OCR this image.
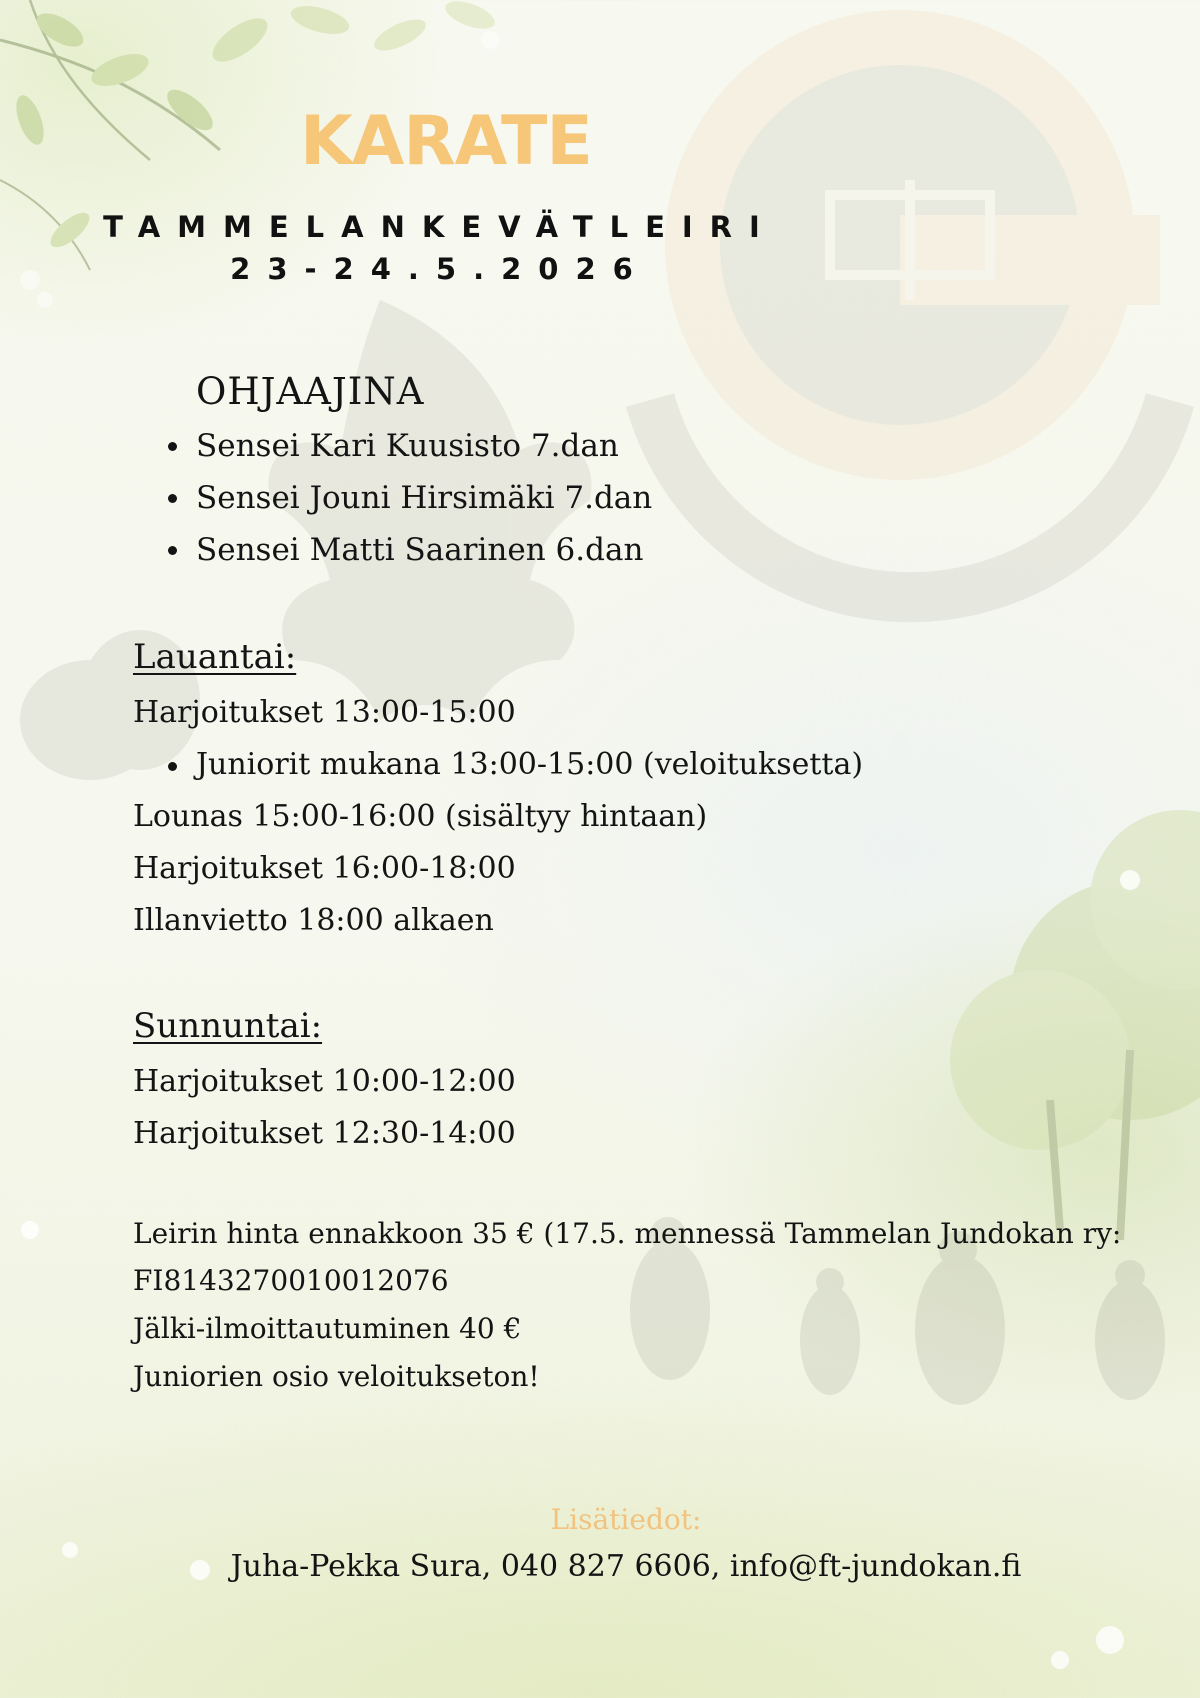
KARATE
TAMMELANKEVÄTLEIRI
23-24.5.2026
OHJAAJINA
Sensei Kari Kuusisto 7.dan
Sensei Jouni Hirsimäki 7.dan
Sensei Matti Saarinen 6.dan
Lauantai:
Harjoitukset 13:00-15:00
Juniorit mukana 13:00-15:00 (veloituksetta)
Lounas 15:00-16:00 (sisältyy hintaan)
Harjoitukset 16:00-18:00
Illanvietto 18:00 alkaen
Sunnuntai:
Harjoitukset 10:00-12:00
Harjoitukset 12:30-14:00
Leirin hinta ennakkoon 35 € (17.5. mennessä Tammelan Jundokan ry:
FI8143270010012076
Jälki-ilmoittautuminen 40 €
Juniorien osio veloitukseton!
Lisätiedot:
Juha-Pekka Sura, 040 827 6606, info@ft-jundokan.fi
